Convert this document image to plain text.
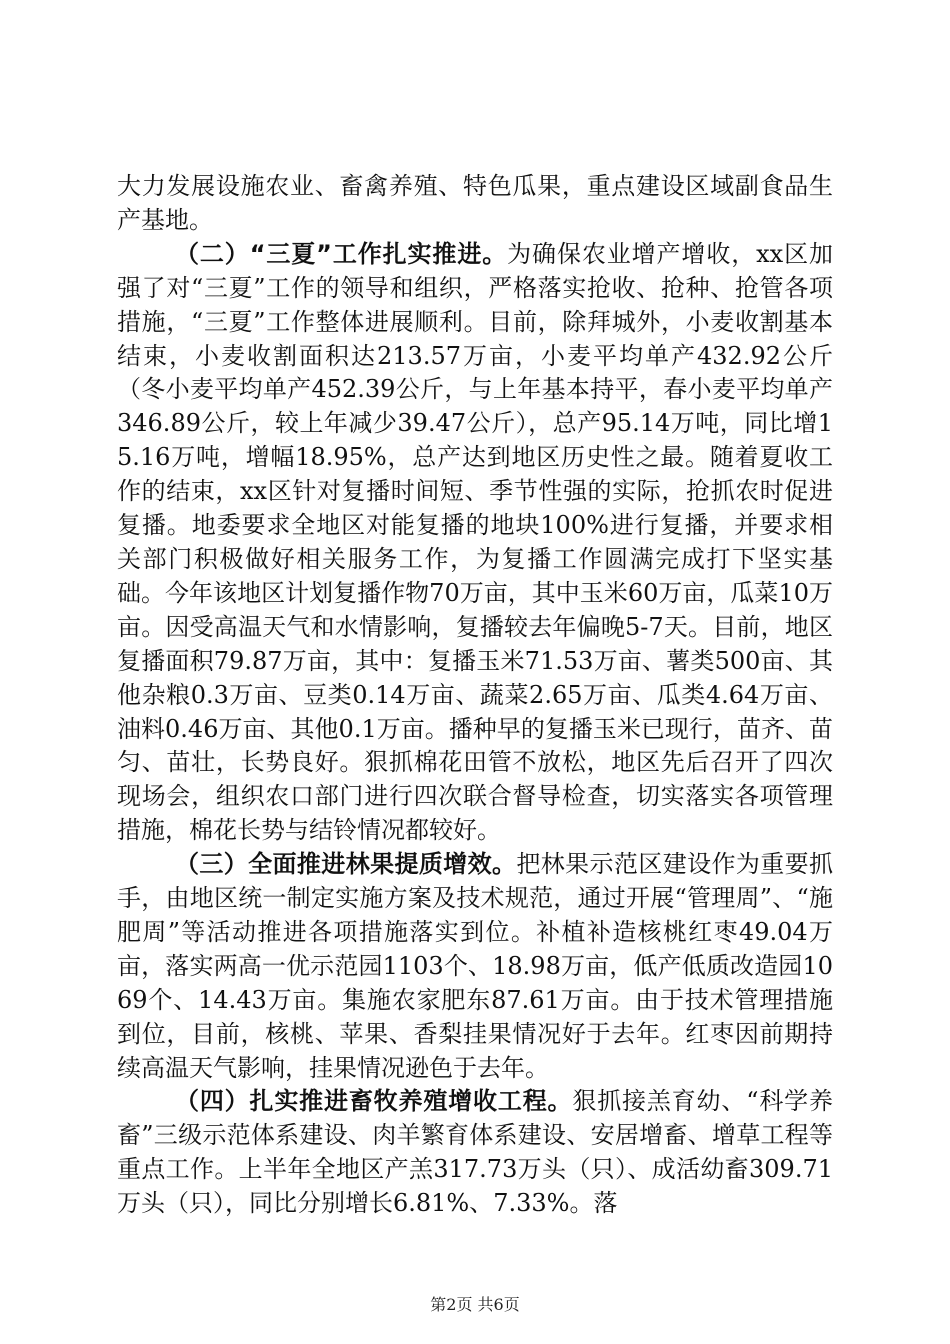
大力发展设施农业、畜禽养殖、特色瓜果，重点建设区域副食品生产基地。

（二）“三夏”工作扎实推进。为确保农业增产增收，xx区加强了对“三夏”工作的领导和组织，严格落实抢收、抢种、抢管各项措施，“三夏”工作整体进展顺利。目前，除拜城外，小麦收割基本结束，小麦收割面积达213.57万亩，小麦平均单产432.92公斤（冬小麦平均单产452.39公斤，与上年基本持平，春小麦平均单产346.89公斤，较上年减少39.47公斤），总产95.14万吨，同比增15.16万吨，增幅18.95%，总产达到地区历史性之最。随着夏收工作的结束，xx区针对复播时间短、季节性强的实际，抢抓农时促进复播。地委要求全地区对能复播的地块100%进行复播，并要求相关部门积极做好相关服务工作，为复播工作圆满完成打下坚实基础。今年该地区计划复播作物70万亩，其中玉米60万亩，瓜菜10万亩。因受高温天气和水情影响，复播较去年偏晚5-7天。目前，地区复播面积79.87万亩，其中：复播玉米71.53万亩、薯类500亩、其他杂粮0.3万亩、豆类0.14万亩、蔬菜2.65万亩、瓜类4.64万亩、油料0.46万亩、其他0.1万亩。播种早的复播玉米已现行，苗齐、苗匀、苗壮，长势良好。狠抓棉花田管不放松，地区先后召开了四次现场会，组织农口部门进行四次联合督导检查，切实落实各项管理措施，棉花长势与结铃情况都较好。

（三）全面推进林果提质增效。把林果示范区建设作为重要抓手，由地区统一制定实施方案及技术规范，通过开展“管理周”、“施肥周”等活动推进各项措施落实到位。补植补造核桃红枣49.04万亩，落实两高一优示范园1103个、18.98万亩，低产低质改造园1069个、14.43万亩。集施农家肥东87.61万亩。由于技术管理措施到位，目前，核桃、苹果、香梨挂果情况好于去年。红枣因前期持续高温天气影响，挂果情况逊色于去年。

（四）扎实推进畜牧养殖增收工程。狠抓接羔育幼、“科学养畜”三级示范体系建设、肉羊繁育体系建设、安居增畜、增草工程等重点工作。上半年全地区产羔317.73万头（只）、成活幼畜309.71万头（只），同比分别增长6.81%、7.33%。落

第2页 共6页
